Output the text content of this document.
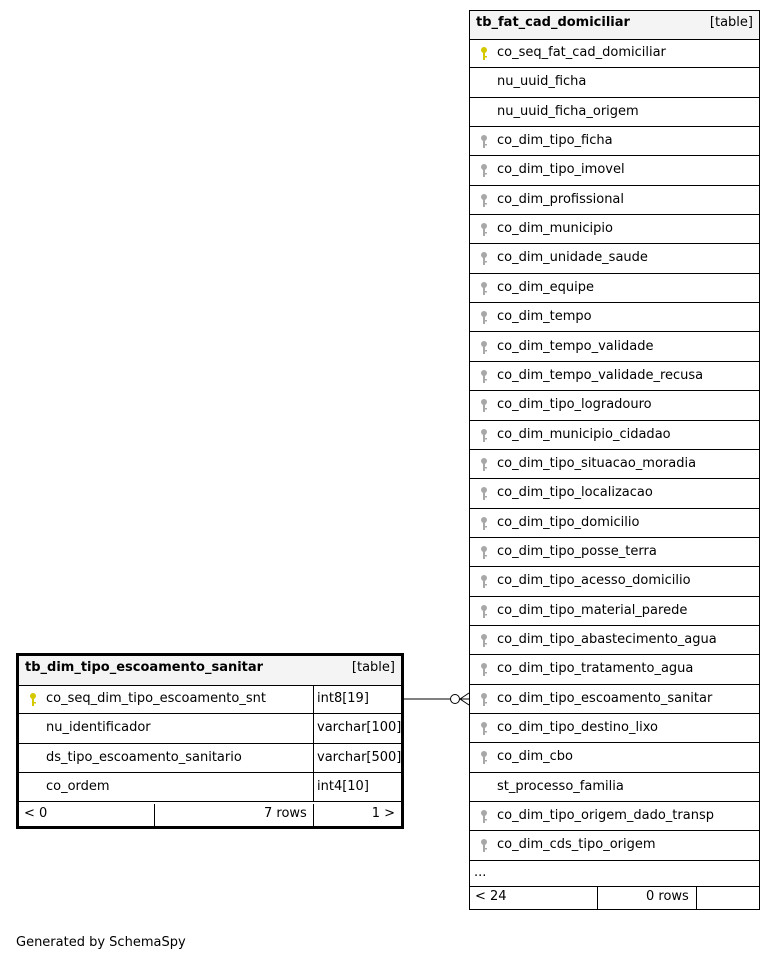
tb_fat_cad_domiciliar	[table]
co_seq_fat_cad_domiciliar
nu_uuid_ficha
nu_uuid_ficha_origem
co_dim_tipo_ficha
co_dim_tipo_imovel
co_dim_profissional
co_dim_municipio
co_dim_unidade_saude
co_dim_equipe
co_dim_tempo
co_dim_tempo_validade
co_dim_tempo_validade_recusa
co_dim_tipo_logradouro
co_dim_municipio_cidadao
co_dim_tipo_situacao_moradia
co_dim_tipo_localizacao
co_dim_tipo_domicilio
co_dim_tipo_posse_terra
co_dim_tipo_acesso_domicilio
co_dim_tipo_material_parede
co_dim_tipo_abastecimento_agua
co_dim_tipo_tratamento_agua
co_dim_tipo_escoamento_sanitar
co_dim_tipo_destino_lixo
co_dim_cbo
st_processo_familia
co_dim_tipo_origem_dado_transp
co_dim_cds_tipo_origem
...
< 24	0 rows
tb_dim_tipo_escoamento_sanitar	[table]
co_seq_dim_tipo_escoamento_snt	int8[19]
nu_identificador	varchar[100]
ds_tipo_escoamento_sanitario	varchar[500]
co_ordem	int4[10]
< 0	7 rows	1 >
Generated by SchemaSpy
